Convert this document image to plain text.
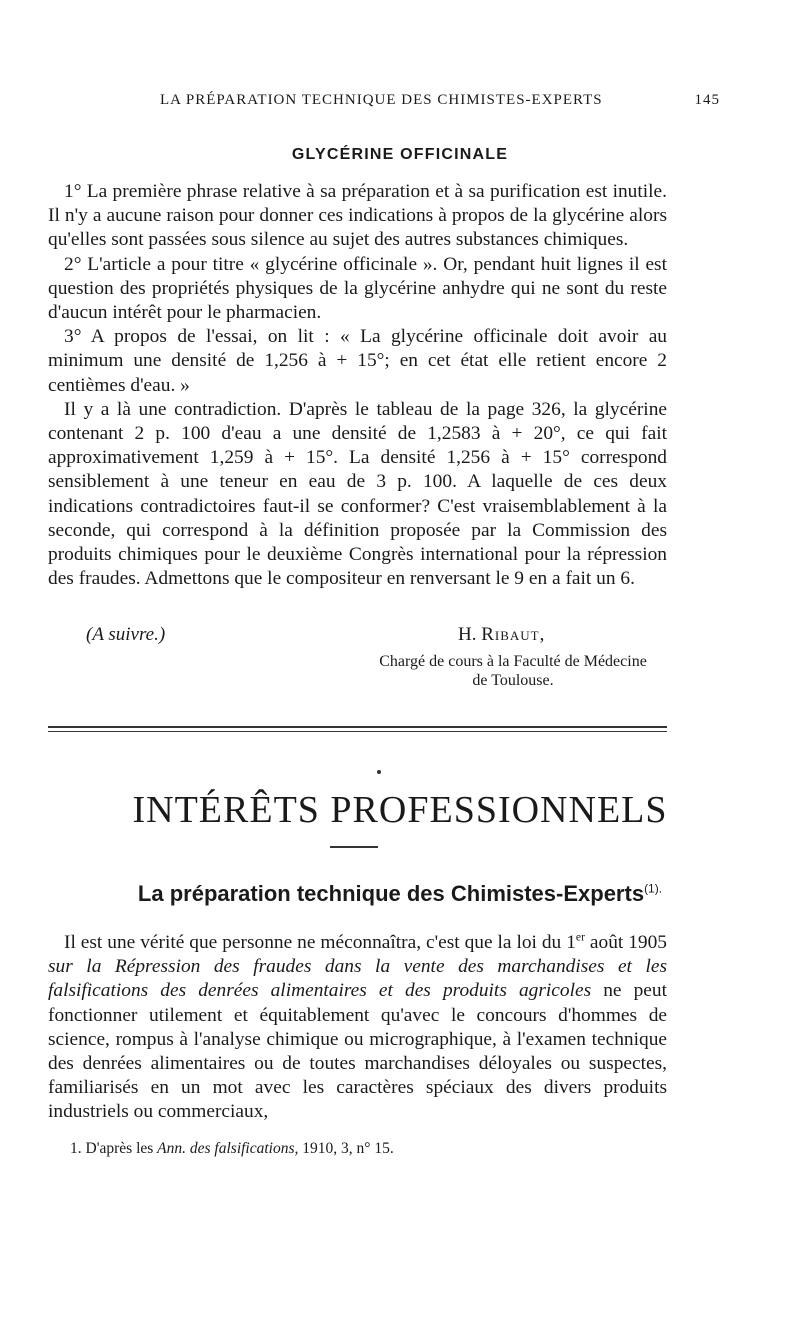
LA PRÉPARATION TECHNIQUE DES CHIMISTES-EXPERTS	145
GLYCÉRINE OFFICINALE

1° La première phrase relative à sa préparation et à sa purification est inutile. Il n'y a aucune raison pour donner ces indications à propos de la glycérine alors qu'elles sont passées sous silence au sujet des autres substances chimiques.

2° L'article a pour titre « glycérine officinale ». Or, pendant huit lignes il est question des propriétés physiques de la glycérine anhydre qui ne sont du reste d'aucun intérêt pour le pharmacien.

3° A propos de l'essai, on lit : « La glycérine officinale doit avoir au minimum une densité de 1,256 à + 15°; en cet état elle retient encore 2 centièmes d'eau. »

Il y a là une contradiction. D'après le tableau de la page 326, la glycérine contenant 2 p. 100 d'eau a une densité de 1,2583 à + 20°, ce qui fait approximativement 1,259 à + 15°. La densité 1,256 à + 15° correspond sensiblement à une teneur en eau de 3 p. 100. A laquelle de ces deux indications contradictoires faut-il se conformer? C'est vraisemblablement à la seconde, qui correspond à la définition proposée par la Commission des produits chimiques pour le deuxième Congrès international pour la répression des fraudes. Admettons que le compositeur en renversant le 9 en a fait un 6.

(A suivre.)	H. Ribaut,
Chargé de cours à la Faculté de Médecine
de Toulouse.
INTÉRÊTS PROFESSIONNELS
La préparation technique des Chimistes-Experts$^{(1).}$

Il est une vérité que personne ne méconnaîtra, c'est que la loi du 1er août 1905 sur la Répression des fraudes dans la vente des marchandises et les falsifications des denrées alimentaires et des produits agricoles ne peut fonctionner utilement et équitablement qu'avec le concours d'hommes de science, rompus à l'analyse chimique ou micrographique, à l'examen technique des denrées alimentaires ou de toutes marchandises déloyales ou suspectes, familiarisés en un mot avec les caractères spéciaux des divers produits industriels ou commerciaux,

1. D'après les Ann. des falsifications, 1910, 3, n° 15.
